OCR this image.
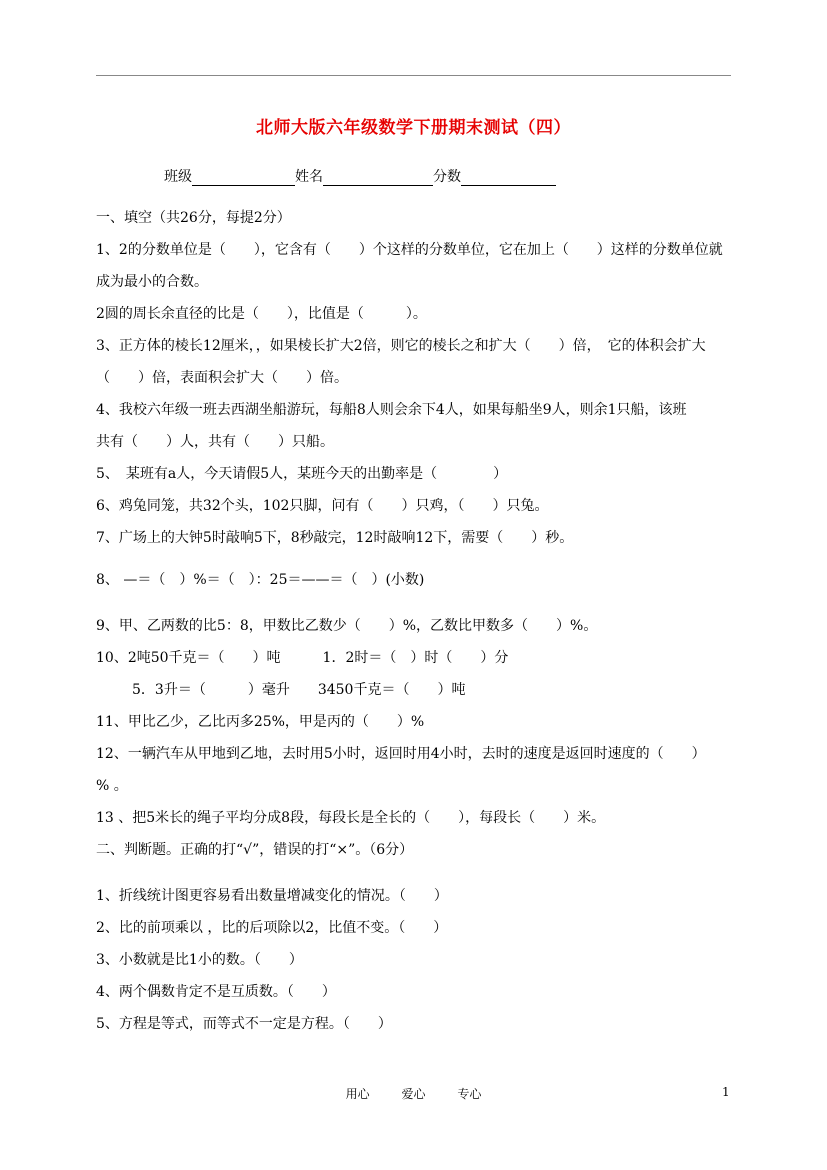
北师大版六年级数学下册期末测试（四）
班级	姓名	分数
一、填空（共26分，每提2分）
1、2的分数单位是（　　），它含有（　　）个这样的分数单位，它在加上（　　）这样的分数单位就
成为最小的合数。
2圆的周长余直径的比是（　　），比值是（　　　）。
3、正方体的棱长12厘米，，如果棱长扩大2倍，则它的棱长之和扩大（　　）倍，　它的体积会扩大
（　　）倍，表面积会扩大（　　）倍。
4、我校六年级一班去西湖坐船游玩，每船8人则会余下4人，如果每船坐9人，则余1只船，该班
共有（　　）人，共有（　　）只船。
5、　某班有a人，今天请假5人，某班今天的出勤率是（　　　　）
6、鸡兔同笼，共32个头，102只脚，问有（　　）只鸡，（　　）只兔。
7、广场上的大钟5时敲响5下，8秒敲完，12时敲响12下，需要（　　）秒。
8、 —＝（　）%＝（　）：25＝——＝（　）(小数)
9、甲、乙两数的比5：8，甲数比乙数少（　　）%，乙数比甲数多（　　）%。
10、2吨50千克＝（　　）吨　　　1．2时＝（　）时（　　）分
5．3升＝（　　　）毫升　　3450千克＝（　　）吨
11、甲比乙少，乙比丙多25%，甲是丙的（　　）%
12、一辆汽车从甲地到乙地，去时用5小时，返回时用4小时，去时的速度是返回时速度的（　　）
% 。
13 、把5米长的绳子平均分成8段，每段长是全长的（　　），每段长（　　）米。
二、判断题。正确的打“√”，错误的打“×”。（6分）
1、折线统计图更容易看出数量增减变化的情况。（　　）
2、比的前项乘以 ，比的后项除以2，比值不变。（　　）
3、小数就是比1小的数。（　　）
4、两个偶数肯定不是互质数。（　　）
5、方程是等式，而等式不一定是方程。（　　）
用心	爱心	专心	1
